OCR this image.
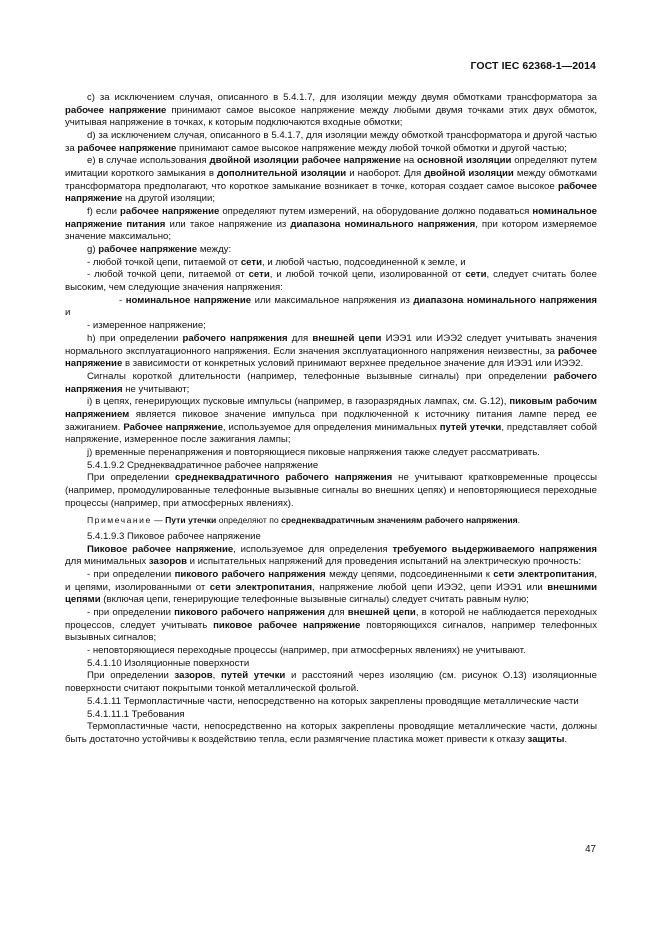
ГОСТ IEC 62368-1—2014

c) за исключением случая, описанного в 5.4.1.7, для изоляции между двумя обмотками трансформатора за рабочее напряжение принимают самое высокое напряжение между любыми двумя точками этих двух обмоток, учитывая напряжение в точках, к которым подключаются входные обмотки;

d) за исключением случая, описанного в 5.4.1.7, для изоляции между обмоткой трансформатора и другой частью за рабочее напряжение принимают самое высокое напряжение между любой точкой обмотки и другой частью;

e) в случае использования двойной изоляции рабочее напряжение на основной изоляции определяют путем имитации короткого замыкания в дополнительной изоляции и наоборот. Для двойной изоляции между обмотками трансформатора предполагают, что короткое замыкание возникает в точке, которая создает самое высокое рабочее напряжение на другой изоляции;

f) если рабочее напряжение определяют путем измерений, на оборудование должно подаваться номинальное напряжение питания или такое напряжение из диапазона номинального напряжения, при котором измеряемое значение максимально;

g) рабочее напряжение между:

- любой точкой цепи, питаемой от сети, и любой частью, подсоединенной к земле, и

- любой точкой цепи, питаемой от сети, и любой точкой цепи, изолированной от сети, следует считать более высоким, чем следующие значения напряжения:

- номинальное напряжение или максимальное напряжения из диапазона номинального напряжения и

- измеренное напряжение;

h) при определении рабочего напряжения для внешней цепи ИЭЭ1 или ИЭЭ2 следует учитывать значения нормального эксплуатационного напряжения. Если значения эксплуатационного напряжения неизвестны, за рабочее напряжение в зависимости от конкретных условий принимают верхнее предельное значение для ИЭЭ1 или ИЭЭ2.

Сигналы короткой длительности (например, телефонные вызывные сигналы) при определении рабочего напряжения не учитывают;

i) в цепях, генерирующих пусковые импульсы (например, в газоразрядных лампах, см. G.12), пиковым рабочим напряжением является пиковое значение импульса при подключенной к источнику питания лампе перед ее зажиганием. Рабочее напряжение, используемое для определения минимальных путей утечки, представляет собой напряжение, измеренное после зажигания лампы;

j) временные перенапряжения и повторяющиеся пиковые напряжения также следует рассматривать.

5.4.1.9.2 Среднеквадратичное рабочее напряжение

При определении среднеквадратичного рабочего напряжения не учитывают кратковременные процессы (например, промодулированные телефонные вызывные сигналы во внешних цепях) и неповторяющиеся переходные процессы (например, при атмосферных явлениях).

Примечание — Пути утечки определяют по среднеквадратичным значениям рабочего напряжения.

5.4.1.9.3 Пиковое рабочее напряжение

Пиковое рабочее напряжение, используемое для определения требуемого выдерживаемого напряжения для минимальных зазоров и испытательных напряжений для проведения испытаний на электрическую прочность:

- при определении пикового рабочего напряжения между цепями, подсоединенными к сети электропитания, и цепями, изолированными от сети электропитания, напряжение любой цепи ИЭЭ2, цепи ИЭЭ1 или внешними цепями (включая цепи, генерирующие телефонные вызывные сигналы) следует считать равным нулю;

- при определении пикового рабочего напряжения для внешней цепи, в которой не наблюдается переходных процессов, следует учитывать пиковое рабочее напряжение повторяющихся сигналов, например телефонных вызывных сигналов;

- неповторяющиеся переходные процессы (например, при атмосферных явлениях) не учитывают.

5.4.1.10 Изоляционные поверхности

При определении зазоров, путей утечки и расстояний через изоляцию (см. рисунок О.13) изоляционные поверхности считают покрытыми тонкой металлической фольгой.

5.4.1.11 Термопластичные части, непосредственно на которых закреплены проводящие металлические части

5.4.1.11.1 Требования

Термопластичные части, непосредственно на которых закреплены проводящие металлические части, должны быть достаточно устойчивы к воздействию тепла, если размягчение пластика может привести к отказу защиты.

47
